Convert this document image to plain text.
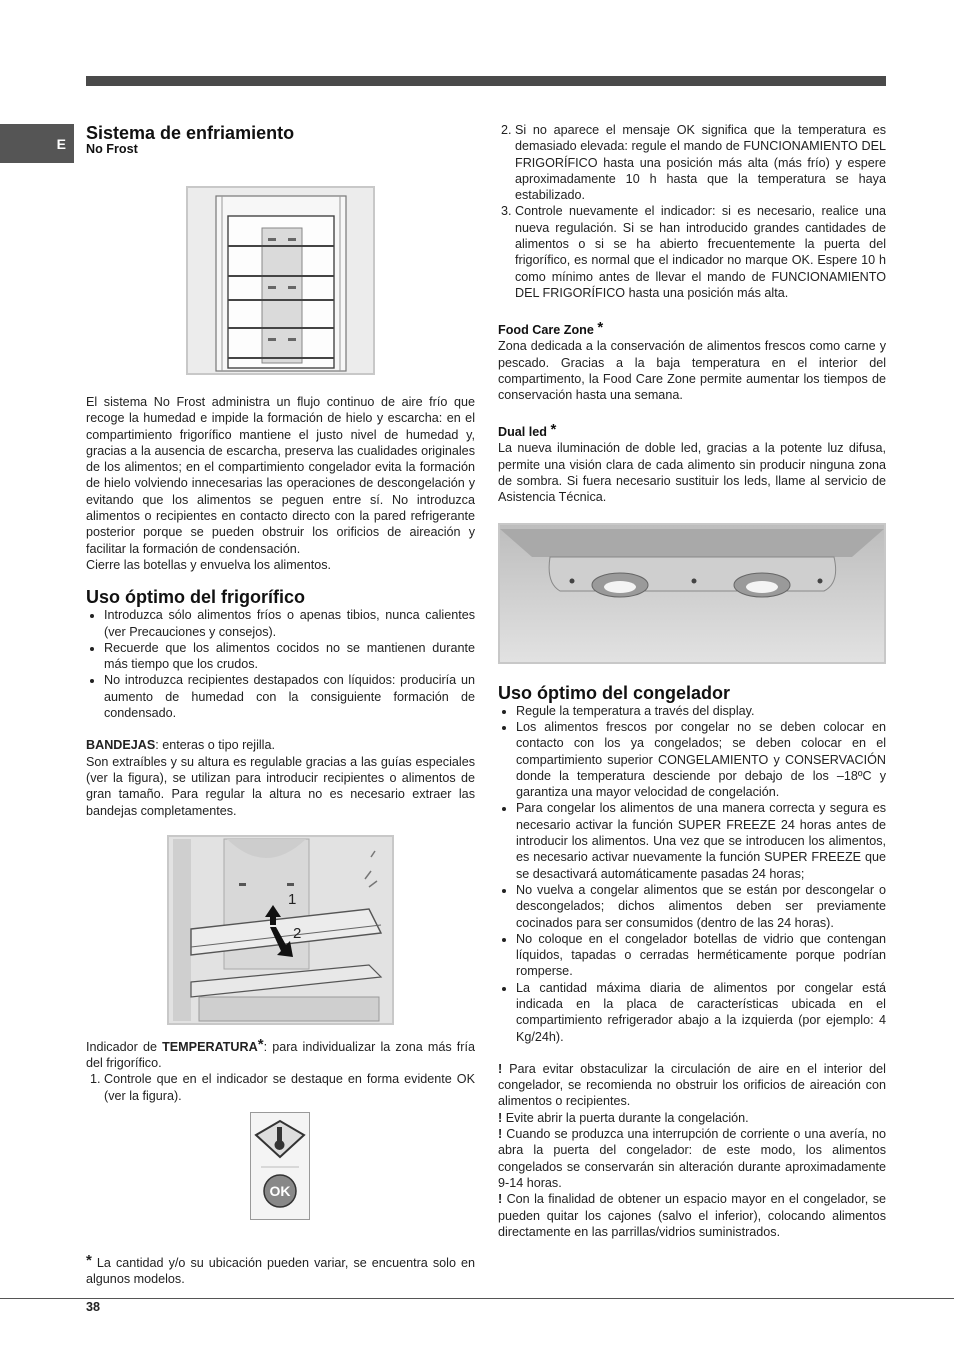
E
Sistema de enfriamiento
No Frost

El sistema No Frost administra un flujo continuo de aire frío que recoge la humedad e impide la formación de hielo y escarcha: en el compartimiento frigorífico mantiene el justo nivel de humedad y, gracias a la ausencia de escarcha, preserva las cualidades originales de los alimentos; en el compartimiento congelador evita la formación de hielo volviendo innecesarias las operaciones de descongelación y evitando que los alimentos se peguen entre sí. No introduzca alimentos o recipientes en contacto directo con la pared refrigerante posterior porque se pueden obstruir los orificios de aireación y facilitar la formación de condensación.

Cierre las botellas y envuelva los alimentos.

Uso óptimo del frigorífico
• Introduzca sólo alimentos fríos o apenas tibios, nunca calientes (ver Precauciones y consejos).
• Recuerde que los alimentos cocidos no se mantienen durante más tiempo que los crudos.
• No introduzca recipientes destapados con líquidos: produciría un aumento de humedad con la consiguiente formación de condensado.

BANDEJAS: enteras o tipo rejilla.

Son extraíbles y su altura es regulable gracias a las guías especiales (ver la figura), se utilizan para introducir recipientes o alimentos de gran tamaño. Para regular la altura no es necesario extraer las bandejas completamentes.

1
2

Indicador de TEMPERATURA*: para individualizar la zona más fría del frigorífico.

1. Controle que en el indicador se destaque en forma evidente OK (ver la figura).
OK

* La cantidad y/o su ubicación pueden variar, se encuentra solo en algunos modelos.

2. Si no aparece el mensaje OK significa que la temperatura es demasiado elevada: regule el mando de FUNCIONAMIENTO DEL FRIGORÍFICO hasta una posición más alta (más frío) y espere aproximadamente 10 h hasta que la temperatura se haya estabilizado.
3. Controle nuevamente el indicador: si es necesario, realice una nueva regulación. Si se han introducido grandes cantidades de alimentos o si se ha abierto frecuentemente la puerta del frigorífico, es normal que el indicador no marque OK. Espere 10 h como mínimo antes de llevar el mando de FUNCIONAMIENTO DEL FRIGORÍFICO hasta una posición más alta.
Food Care Zone *

Zona dedicada a la conservación de alimentos frescos como carne y pescado. Gracias a la baja temperatura en el interior del compartimento, la Food Care Zone permite aumentar los tiempos de conservación hasta una semana.

Dual led *

La nueva iluminación de doble led, gracias a la potente luz difusa, permite una visión clara de cada alimento sin producir ninguna zona de sombra. Si fuera necesario sustituir los leds, llame al servicio de Asistencia Técnica.

Uso óptimo del congelador
• Regule la temperatura a través del display.
• Los alimentos frescos por congelar no se deben colocar en contacto con los ya congelados; se deben colocar en el compartimiento superior CONGELAMIENTO y CONSERVACIÓN donde la temperatura desciende por debajo de los –18ºC y garantiza una mayor velocidad de congelación.
• Para congelar los alimentos de una manera correcta y segura es necesario activar la función SUPER FREEZE 24 horas antes de introducir los alimentos. Una vez que se introducen los alimentos, es necesario activar nuevamente la función SUPER FREEZE que se desactivará automáticamente pasadas 24 horas;
• No vuelva a congelar alimentos que se están por descongelar o descongelados; dichos alimentos deben ser previamente cocinados para ser consumidos (dentro de las 24 horas).
• No coloque en el congelador botellas de vidrio que contengan líquidos, tapadas o cerradas herméticamente porque podrían romperse.
• La cantidad máxima diaria de alimentos por congelar está indicada en la placa de características ubicada en el compartimiento refrigerador abajo a la izquierda (por ejemplo: 4 Kg/24h).

! Para evitar obstaculizar la circulación de aire en el interior del congelador, se recomienda no obstruir los orificios de aireación con alimentos o recipientes.

! Evite abrir la puerta durante la congelación.

! Cuando se produzca una interrupción de corriente o una avería, no abra la puerta del congelador: de este modo, los alimentos congelados se conservarán sin alteración durante aproximadamente 9-14 horas.

! Con la finalidad de obtener un espacio mayor en el congelador, se pueden quitar los cajones (salvo el inferior), colocando alimentos directamente en las parrillas/vidrios suministrados.

38
